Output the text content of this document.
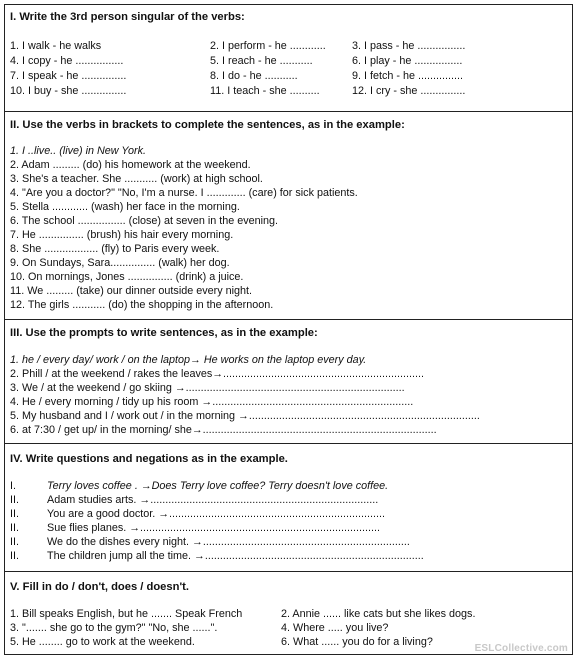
I. Write the 3rd person singular of the verbs:
1. I walk - he walks	2. I perform - he ............ 3. I pass - he ................
4. I copy - he ................	5. I reach - he ...........	6. I play - he ................
7. I speak - he ...............	8. I do - he ...........	9. I fetch - he ...............
10. I buy - she ...............	11. I teach - she ..........	12. I cry - she ...............
II. Use the verbs in brackets to complete the sentences, as in the example:
1. I ..live.. (live) in New York.
2. Adam ......... (do) his homework at the weekend.
3. She's a teacher. She ........... (work) at high school.
4. "Are you a doctor?" "No, I'm a nurse. I ............. (care) for sick patients.
5. Stella ............ (wash) her face in the morning.
6. The school ................ (close) at seven in the evening.
7. He ............... (brush) his hair every morning.
8. She .................. (fly) to Paris every week.
9. On Sundays, Sara............... (walk) her dog.
10. On mornings, Jones ............... (drink) a juice.
11. We ......... (take) our dinner outside every night.
12. The girls ........... (do) the shopping in the afternoon.
III. Use the prompts to write sentences, as in the example:
1. he / every day/ work / on the laptop→ He works on the laptop every day.
2. Phill / at the weekend / rakes the leaves→...................................................................
3. We / at the weekend / go skiing →.........................................................................
4. He / every morning / tidy up his room →...................................................................
5. My husband and I / work out / in the morning →.............................................................................
6. at 7:30 / get up/ in the morning/ she→..............................................................................
IV. Write questions and negations as in the example.
I.	Terry loves coffee . →Does Terry love coffee? Terry doesn't love coffee.
II.	Adam studies arts. →............................................................................
II.	You are a good doctor. →........................................................................
II.	Sue flies planes. →................................................................................
II.	We do the dishes every night. →.....................................................................
II.	The children jump all the time. →.........................................................................
V. Fill in do / don't, does / doesn't.
1. Bill speaks English, but he ....... Speak French	2. Annie ...... like cats but she likes dogs.
3. "....... she go to the gym?" "No, she ......".	4. Where ..... you live?
5. He ........ go to work at the weekend.	6. What ...... you do for a living?
ESLCollective.com
